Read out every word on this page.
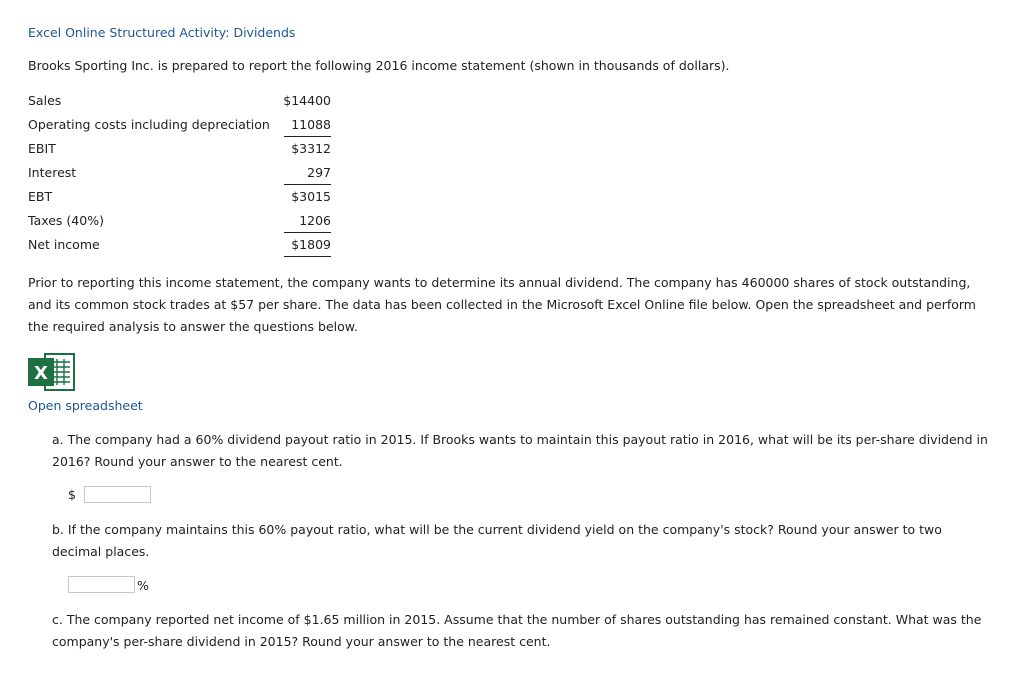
Excel Online Structured Activity: Dividends
Brooks Sporting Inc. is prepared to report the following 2016 income statement (shown in thousands of dollars).
Sales	$14400
Operating costs including depreciation 11088
EBIT	$3312
Interest	297
EBT	$3015
Taxes (40%)	1206
Net income	$1809
Prior to reporting this income statement, the company wants to determine its annual dividend. The company has 460000 shares of stock outstanding, and its common stock trades at $57 per share. The data has been collected in the Microsoft Excel Online file below. Open the spreadsheet and perform the required analysis to answer the questions below.
X
Open spreadsheet
a. The company had a 60% dividend payout ratio in 2015. If Brooks wants to maintain this payout ratio in 2016, what will be its per-share dividend in 2016? Round your answer to the nearest cent.
$
b. If the company maintains this 60% payout ratio, what will be the current dividend yield on the company's stock? Round your answer to two decimal places.
%
c. The company reported net income of $1.65 million in 2015. Assume that the number of shares outstanding has remained constant. What was the company's per-share dividend in 2015? Round your answer to the nearest cent.
